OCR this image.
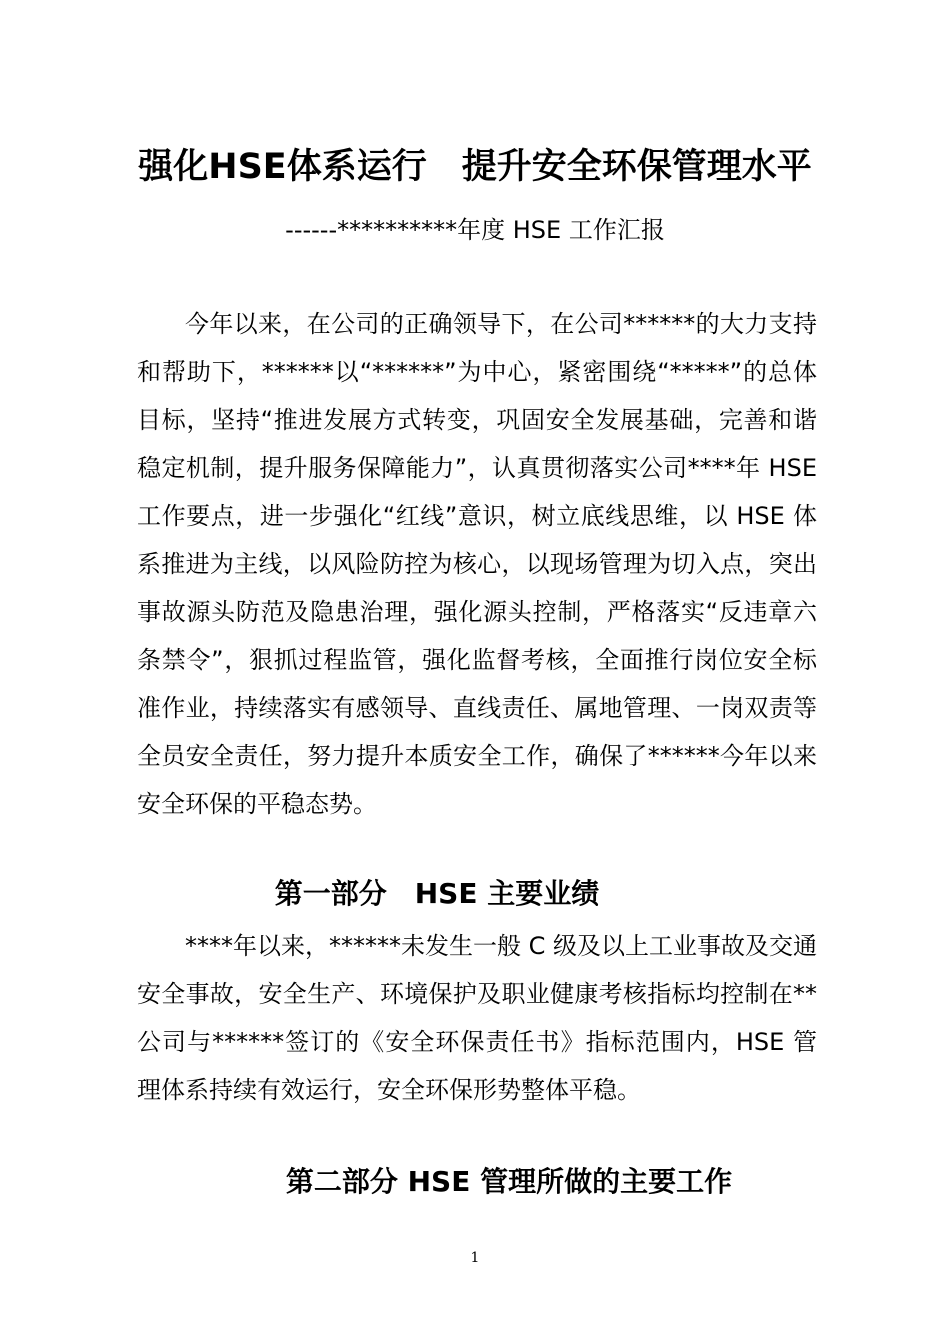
强化HSE体系运行　提升安全环保管理水平
------**********年度 HSE 工作汇报

今年以来，在公司的正确领导下，在公司******的大力支持和帮助下，******以“******”为中心，紧密围绕“*****”的总体目标，坚持“推进发展方式转变，巩固安全发展基础，完善和谐稳定机制，提升服务保障能力”，认真贯彻落实公司****年 HSE 工作要点，进一步强化“红线”意识，树立底线思维，以 HSE 体系推进为主线，以风险防控为核心，以现场管理为切入点，突出事故源头防范及隐患治理，强化源头控制，严格落实“反违章六条禁令”，狠抓过程监管，强化监督考核，全面推行岗位安全标准作业，持续落实有感领导、直线责任、属地管理、一岗双责等全员安全责任，努力提升本质安全工作，确保了******今年以来安全环保的平稳态势。

第一部分　HSE 主要业绩

****年以来，******未发生一般 C 级及以上工业事故及交通安全事故，安全生产、环境保护及职业健康考核指标均控制在**公司与******签订的《安全环保责任书》指标范围内，HSE 管理体系持续有效运行，安全环保形势整体平稳。

第二部分 HSE 管理所做的主要工作
1
